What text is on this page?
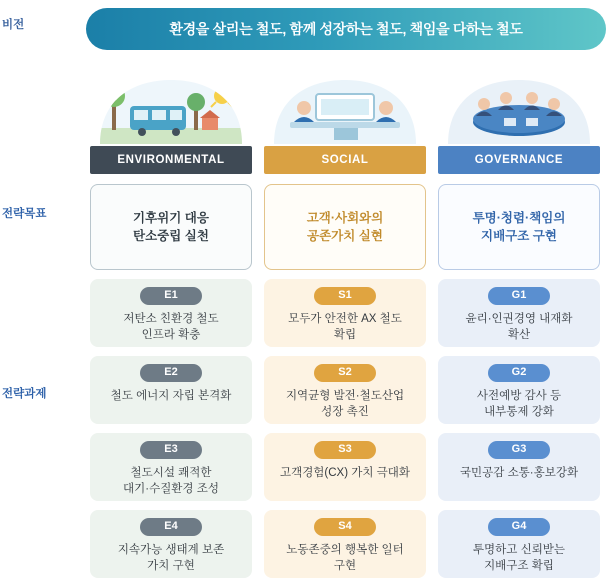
비전
전략목표
전략과제
환경을 살리는 철도, 함께 성장하는 철도, 책임을 다하는 철도
ENVIRONMENTAL
기후위기 대응
탄소중립 실천
E1
저탄소 친환경 철도
인프라 확충
E2
철도 에너지 자립 본격화
E3
철도시설 쾌적한
대기·수질환경 조성
E4
지속가능 생태계 보존
가치 구현
SOCIAL
고객·사회와의
공존가치 실현
S1
모두가 안전한 AX 철도
확립
S2
지역균형 발전·철도산업
성장 촉진
S3
고객경험(CX) 가치 극대화
S4
노동존중의 행복한 일터
구현
GOVERNANCE
투명·청렴·책임의
지배구조 구현
G1
윤리·인권경영 내재화
확산
G2
사전예방 감사 등
내부통제 강화
G3
국민공감 소통·홍보강화
G4
투명하고 신뢰받는
지배구조 확립
